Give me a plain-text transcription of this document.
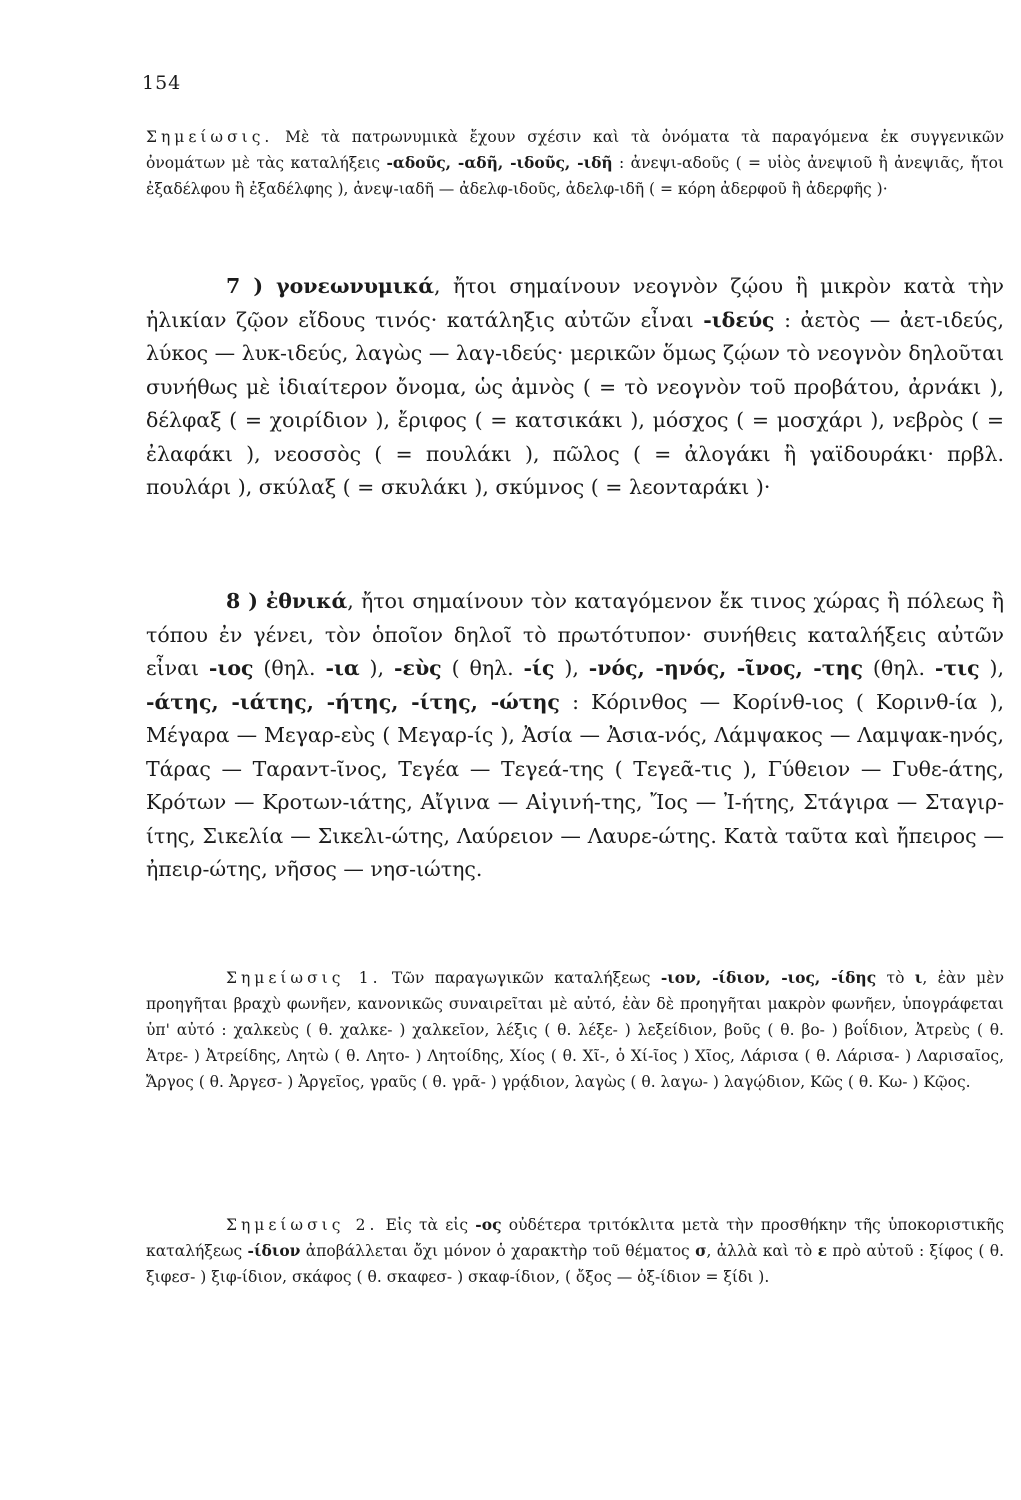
154

Σημείωσις. Μὲ τὰ πατρωνυμικὰ ἔχουν σχέσιν καὶ τὰ ὀνόματα τὰ παραγόμενα ἐκ συγγενικῶν ὀνομάτων μὲ τὰς καταλήξεις -αδοῦς, -αδῆ, -ιδοῦς, -ιδῆ : ἀνεψι-αδοῦς ( = υἱὸς ἀνεψιοῦ ἢ ἀνεψιᾶς, ἤτοι ἐξαδέλφου ἢ ἐξαδέλφης ), ἀνεψ-ιαδῆ — ἀδελφ-ιδοῦς, ἀδελφ-ιδῆ ( = κόρη ἀδερφοῦ ἢ ἀδερφῆς )·

7 ) γονεωνυμικά, ἤτοι σημαίνουν νεογνὸν ζῴου ἢ μικρὸν κατὰ τὴν ἡλικίαν ζῷον εἴδους τινός· κατάληξις αὐτῶν εἶναι -ιδεύς : ἀετὸς — ἀετ-ιδεύς, λύκος — λυκ-ιδεύς, λαγὼς — λαγ-ιδεύς· μερικῶν ὅμως ζῴων τὸ νεογνὸν δηλοῦται συνήθως μὲ ἰδιαίτερον ὄνομα, ὡς ἀμνὸς ( = τὸ νεογνὸν τοῦ προβάτου, ἀρνάκι ), δέλφαξ ( = χοιρίδιον ), ἔριφος ( = κατσικάκι ), μόσχος ( = μοσχάρι ), νεβρὸς ( = ἐλαφάκι ), νεοσσὸς ( = πουλάκι ), πῶλος ( = ἀλογάκι ἢ γαϊδουράκι· πρβλ. πουλάρι ), σκύλαξ ( = σκυλάκι ), σκύμνος ( = λεονταράκι )·

8 ) ἐθνικά, ἤτοι σημαίνουν τὸν καταγόμενον ἔκ τινος χώρας ἢ πόλεως ἢ τόπου ἐν γένει, τὸν ὁποῖον δηλοῖ τὸ πρωτότυπον· συνήθεις καταλήξεις αὐτῶν εἶναι -ιος (θηλ. -ια ), -εὺς ( θηλ. -ίς ), -νός, -ηνός, -ῖνος, -της (θηλ. -τις ), -άτης, -ιάτης, -ήτης, -ίτης, -ώτης : Κόρινθος — Κορίνθ-ιος ( Κορινθ-ία ), Μέγαρα — Μεγαρ-εὺς ( Μεγαρ-ίς ), Ἀσία — Ἀσια-νός, Λάμψακος — Λαμψακ-ηνός, Τάρας — Ταραντ-ῖνος, Τεγέα — Τεγεά-της ( Τεγεᾶ-τις ), Γύθειον — Γυθε-άτης, Κρότων — Κροτων-ιάτης, Αἴγινα — Αἰγινή-της, Ἴος — Ἰ-ήτης, Στάγιρα — Σταγιρ-ίτης, Σικελία — Σικελι-ώτης, Λαύρειον — Λαυρε-ώτης. Κατὰ ταῦτα καὶ ἤπειρος — ἠπειρ-ώτης, νῆσος — νησ-ιώτης.

Σημείωσις 1. Τῶν παραγωγικῶν καταλήξεως -ιον, -ίδιον, -ιος, -ίδης τὸ ι, ἐὰν μὲν προηγῆται βραχὺ φωνῆεν, κανονικῶς συναιρεῖται μὲ αὐτό, ἐὰν δὲ προηγῆται μακρὸν φωνῆεν, ὑπογράφεται ὑπ' αὐτό : χαλκεὺς ( θ. χαλκε- ) χαλκεῖον, λέξις ( θ. λέξε- ) λεξείδιον, βοῦς ( θ. βο- ) βοΐδιον, Ἀτρεὺς ( θ. Ἀτρε- ) Ἀτρείδης, Λητὼ ( θ. Λητο- ) Λητοίδης, Χίος ( θ. Χῖ-, ὁ Χί-ῖος ) Χῖος, Λάρισα ( θ. Λάρισα- ) Λαρισαῖος, Ἄργος ( θ. Ἀργεσ- ) Ἀργεῖος, γραῦς ( θ. γρᾶ- ) γρᾴδιον, λαγὼς ( θ. λαγω- ) λαγῴδιον, Κῶς ( θ. Κω- ) Κῷος.

Σημείωσις 2. Εἰς τὰ εἰς -ος οὐδέτερα τριτόκλιτα μετὰ τὴν προσθήκην τῆς ὑποκοριστικῆς καταλήξεως -ίδιον ἀποβάλλεται ὄχι μόνον ὁ χαρακτὴρ τοῦ θέματος σ, ἀλλὰ καὶ τὸ ε πρὸ αὐτοῦ : ξίφος ( θ. ξιφεσ- ) ξιφ-ίδιον, σκάφος ( θ. σκαφεσ- ) σκαφ-ίδιον, ( ὄξος — ὀξ-ίδιον = ξίδι ).
